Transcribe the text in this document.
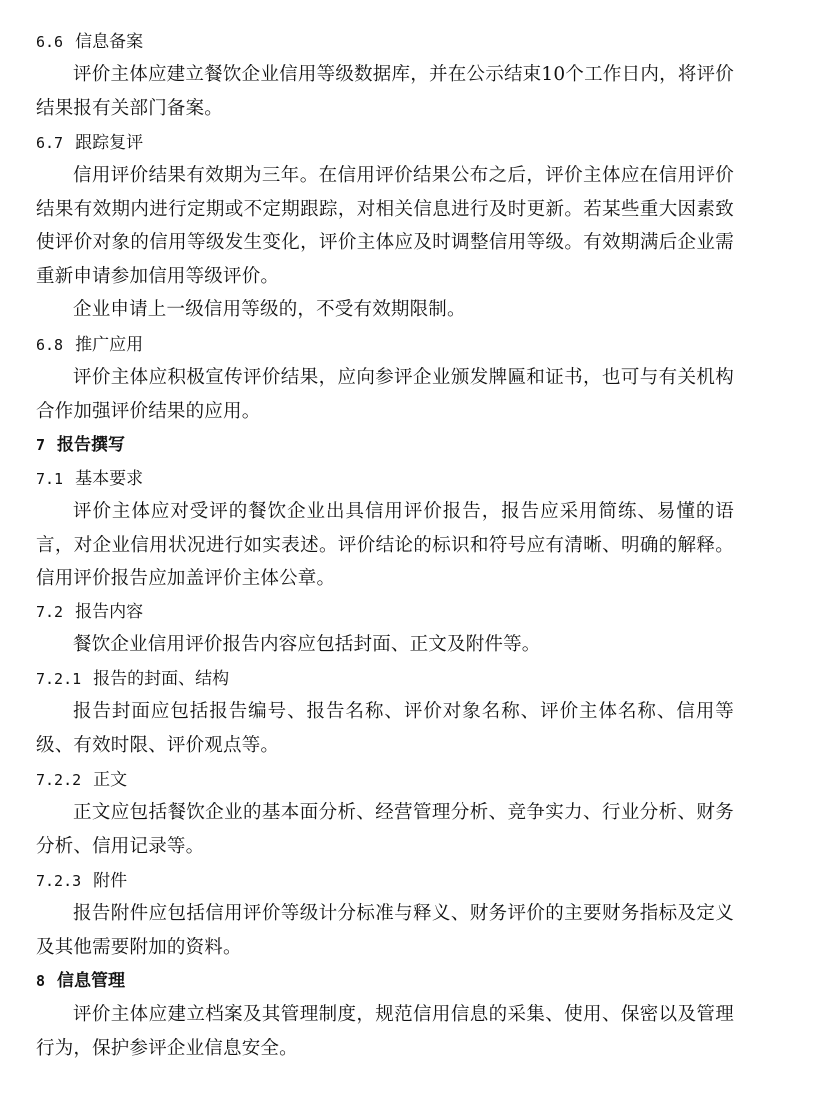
6.6 信息备案
评价主体应建立餐饮企业信用等级数据库，并在公示结束10个工作日内，将评价结果报有关部门备案。
6.7 跟踪复评
信用评价结果有效期为三年。在信用评价结果公布之后，评价主体应在信用评价结果有效期内进行定期或不定期跟踪，对相关信息进行及时更新。若某些重大因素致使评价对象的信用等级发生变化，评价主体应及时调整信用等级。有效期满后企业需重新申请参加信用等级评价。
企业申请上一级信用等级的，不受有效期限制。
6.8 推广应用
评价主体应积极宣传评价结果，应向参评企业颁发牌匾和证书，也可与有关机构合作加强评价结果的应用。
7 报告撰写
7.1 基本要求
评价主体应对受评的餐饮企业出具信用评价报告，报告应采用简练、易懂的语言，对企业信用状况进行如实表述。评价结论的标识和符号应有清晰、明确的解释。信用评价报告应加盖评价主体公章。
7.2 报告内容
餐饮企业信用评价报告内容应包括封面、正文及附件等。
7.2.1 报告的封面、结构
报告封面应包括报告编号、报告名称、评价对象名称、评价主体名称、信用等级、有效时限、评价观点等。
7.2.2 正文
正文应包括餐饮企业的基本面分析、经营管理分析、竞争实力、行业分析、财务分析、信用记录等。
7.2.3 附件
报告附件应包括信用评价等级计分标准与释义、财务评价的主要财务指标及定义及其他需要附加的资料。
8 信息管理
评价主体应建立档案及其管理制度，规范信用信息的采集、使用、保密以及管理行为，保护参评企业信息安全。
